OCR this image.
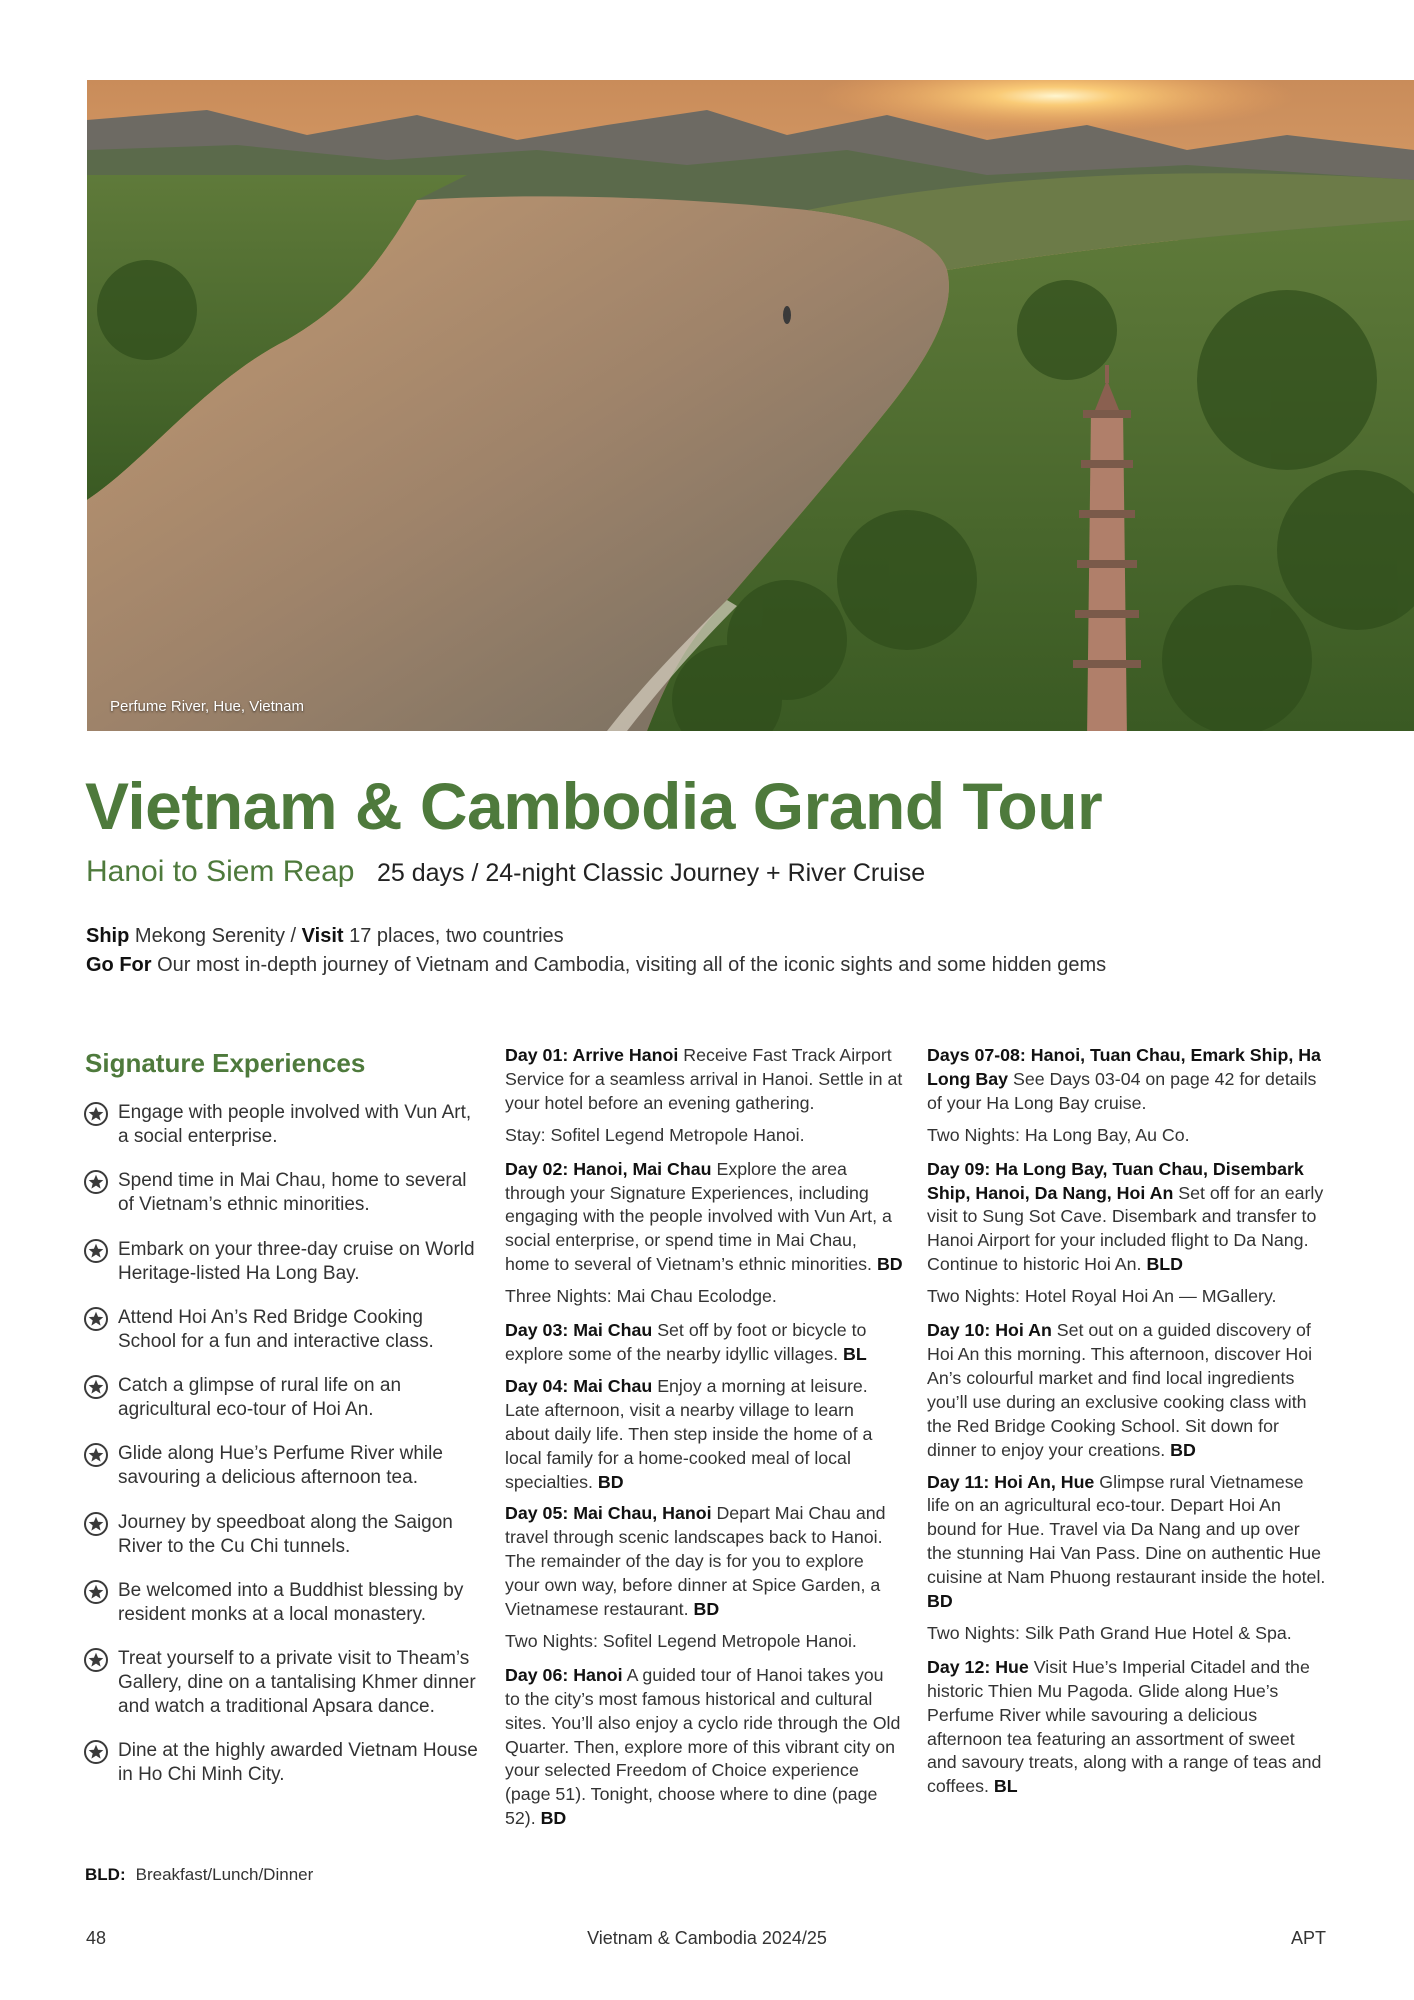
Perfume River, Hue, Vietnam
Vietnam & Cambodia Grand Tour
Hanoi to Siem Reap 25 days / 24-night Classic Journey + River Cruise
Ship Mekong Serenity / Visit 17 places, two countries
Go For Our most in-depth journey of Vietnam and Cambodia, visiting all of the iconic sights and some hidden gems
Signature Experiences
Engage with people involved with Vun Art, a social enterprise.
Spend time in Mai Chau, home to several of Vietnam’s ethnic minorities.
Embark on your three-day cruise on World Heritage-listed Ha Long Bay.
Attend Hoi An’s Red Bridge Cooking School for a fun and interactive class.
Catch a glimpse of rural life on an agricultural eco-tour of Hoi An.
Glide along Hue’s Perfume River while savouring a delicious afternoon tea.
Journey by speedboat along the Saigon River to the Cu Chi tunnels.
Be welcomed into a Buddhist blessing by resident monks at a local monastery.
Treat yourself to a private visit to Theam’s Gallery, dine on a tantalising Khmer dinner and watch a traditional Apsara dance.
Dine at the highly awarded Vietnam House in Ho Chi Minh City.
BLD: Breakfast/Lunch/Dinner

Day 01: Arrive Hanoi Receive Fast Track Airport Service for a seamless arrival in Hanoi. Settle in at your hotel before an evening gathering.

Stay: Sofitel Legend Metropole Hanoi.

Day 02: Hanoi, Mai Chau Explore the area through your Signature Experiences, including engaging with the people involved with Vun Art, a social enterprise, or spend time in Mai Chau, home to several of Vietnam’s ethnic minorities. BD

Three Nights: Mai Chau Ecolodge.

Day 03: Mai Chau Set off by foot or bicycle to explore some of the nearby idyllic villages. BL

Day 04: Mai Chau Enjoy a morning at leisure. Late afternoon, visit a nearby village to learn about daily life. Then step inside the home of a local family for a home-cooked meal of local specialties. BD

Day 05: Mai Chau, Hanoi Depart Mai Chau and travel through scenic landscapes back to Hanoi. The remainder of the day is for you to explore your own way, before dinner at Spice Garden, a Vietnamese restaurant. BD

Two Nights: Sofitel Legend Metropole Hanoi.

Day 06: Hanoi A guided tour of Hanoi takes you to the city’s most famous historical and cultural sites. You’ll also enjoy a cyclo ride through the Old Quarter. Then, explore more of this vibrant city on your selected Freedom of Choice experience (page 51). Tonight, choose where to dine (page 52). BD

Days 07-08: Hanoi, Tuan Chau, Emark Ship, Ha Long Bay See Days 03-04 on page 42 for details of your Ha Long Bay cruise.

Two Nights: Ha Long Bay, Au Co.

Day 09: Ha Long Bay, Tuan Chau, Disembark Ship, Hanoi, Da Nang, Hoi An Set off for an early visit to Sung Sot Cave. Disembark and transfer to Hanoi Airport for your included flight to Da Nang. Continue to historic Hoi An. BLD

Two Nights: Hotel Royal Hoi An — MGallery.

Day 10: Hoi An Set out on a guided discovery of Hoi An this morning. This afternoon, discover Hoi An’s colourful market and find local ingredients you’ll use during an exclusive cooking class with the Red Bridge Cooking School. Sit down for dinner to enjoy your creations. BD

Day 11: Hoi An, Hue Glimpse rural Vietnamese life on an agricultural eco-tour. Depart Hoi An bound for Hue. Travel via Da Nang and up over the stunning Hai Van Pass. Dine on authentic Hue cuisine at Nam Phuong restaurant inside the hotel. BD

Two Nights: Silk Path Grand Hue Hotel & Spa.

Day 12: Hue Visit Hue’s Imperial Citadel and the historic Thien Mu Pagoda. Glide along Hue’s Perfume River while savouring a delicious afternoon tea featuring an assortment of sweet and savoury treats, along with a range of teas and coffees. BL

48	Vietnam & Cambodia 2024/25	APT
